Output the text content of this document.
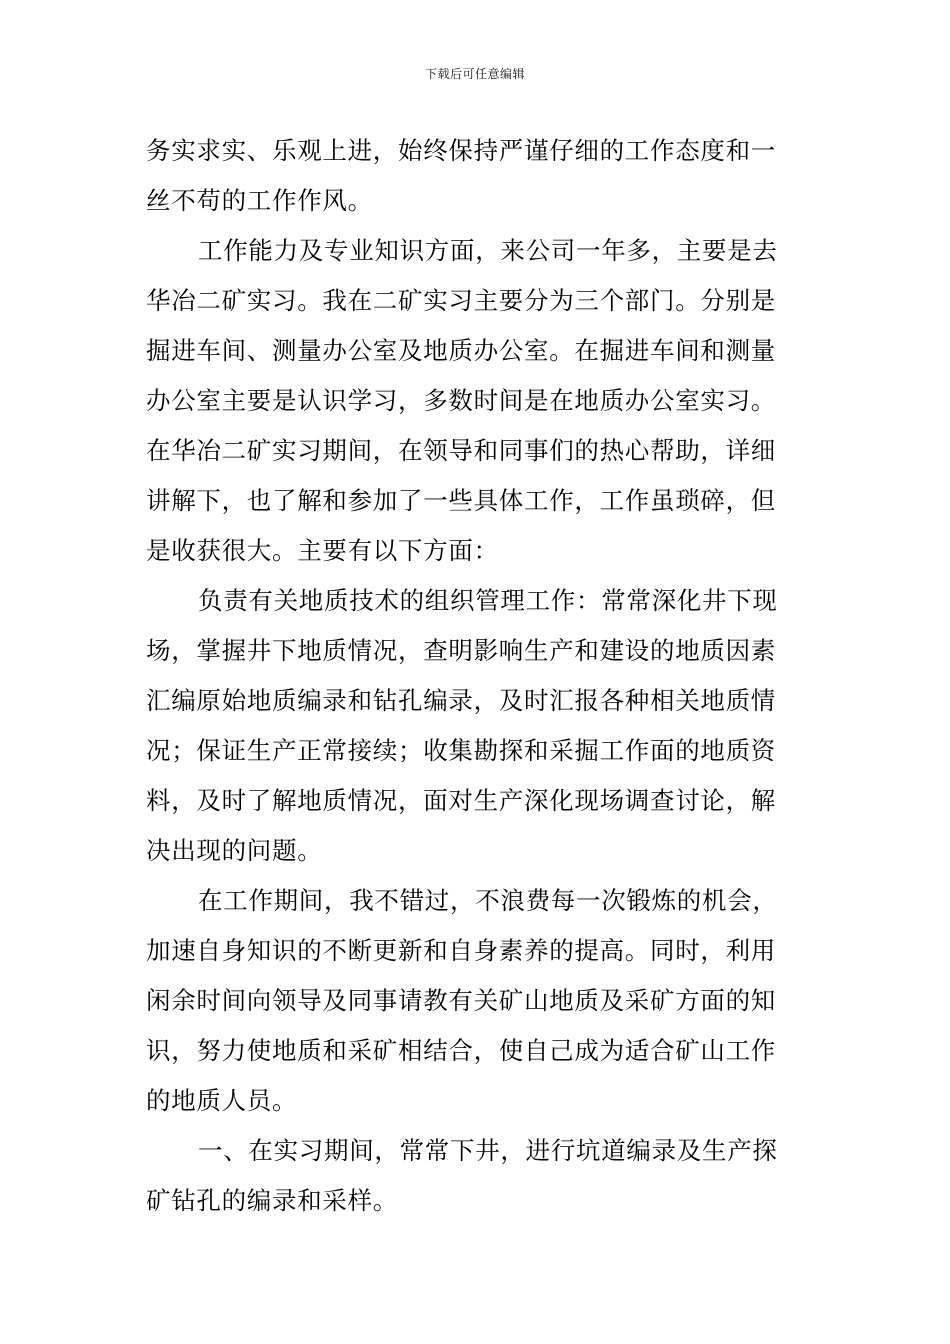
下载后可任意编辑

务实求实、乐观上进，始终保持严谨仔细的工作态度和一
丝不苟的工作作风。

工作能力及专业知识方面，来公司一年多，主要是去
华冶二矿实习。我在二矿实习主要分为三个部门。分别是
掘进车间、测量办公室及地质办公室。在掘进车间和测量
办公室主要是认识学习，多数时间是在地质办公室实习。
在华冶二矿实习期间，在领导和同事们的热心帮助，详细
讲解下，也了解和参加了一些具体工作，工作虽琐碎，但
是收获很大。主要有以下方面：

负责有关地质技术的组织管理工作：常常深化井下现
场，掌握井下地质情况，查明影响生产和建设的地质因素
汇编原始地质编录和钻孔编录，及时汇报各种相关地质情
况；保证生产正常接续；收集勘探和采掘工作面的地质资
料，及时了解地质情况，面对生产深化现场调查讨论，解
决出现的问题。

在工作期间，我不错过，不浪费每一次锻炼的机会，
加速自身知识的不断更新和自身素养的提高。同时，利用
闲余时间向领导及同事请教有关矿山地质及采矿方面的知
识，努力使地质和采矿相结合，使自己成为适合矿山工作
的地质人员。

一、在实习期间，常常下井，进行坑道编录及生产探
矿钻孔的编录和采样。
